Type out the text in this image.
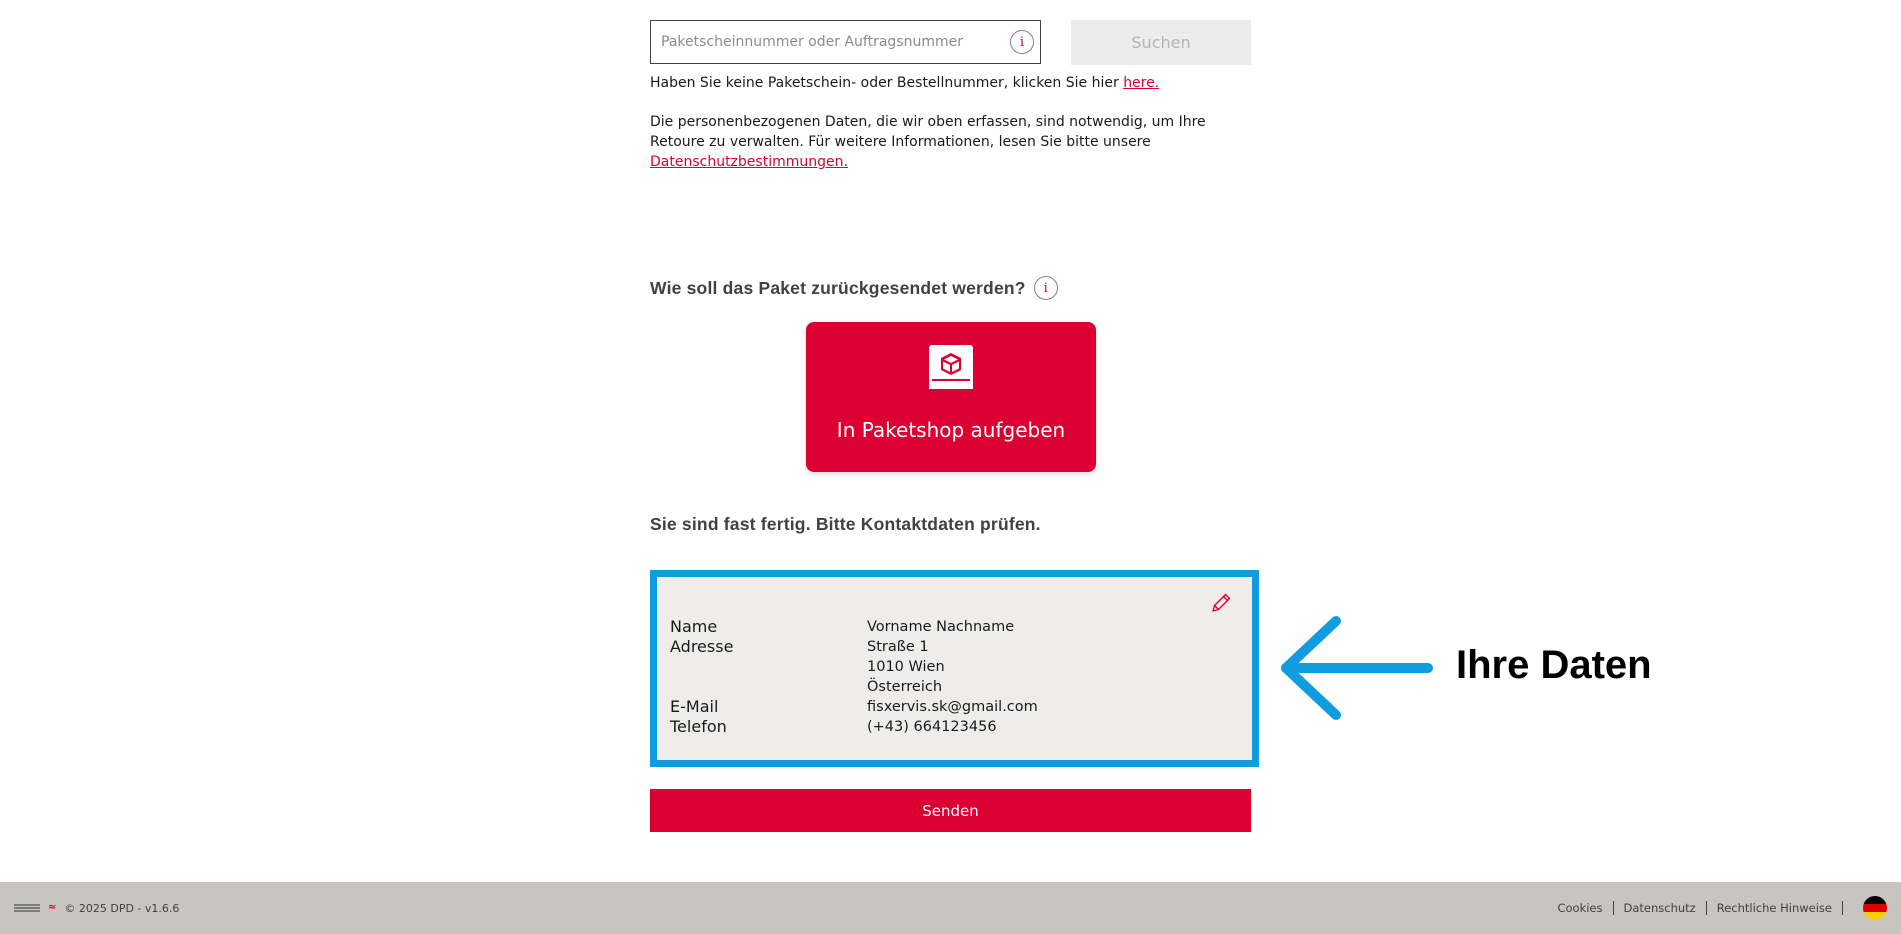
Paketscheinnummer oder Auftragsnummer
i	Suchen
Haben Sie keine Paketschein- oder Bestellnummer, klicken Sie hier here.
Die personenbezogenen Daten, die wir oben erfassen, sind notwendig, um Ihre Retoure zu verwalten. Für weitere Informationen, lesen Sie bitte unsere Datenschutzbestimmungen.
Wie soll das Paket zurückgesendet werden?	i
In Paketshop aufgeben
Sie sind fast fertig. Bitte Kontaktdaten prüfen.
Name	Vorname Nachname
Adresse	Straße 1
1010 Wien
Österreich
E-Mail	fisxervis.sk@gmail.com
Telefon	(+43) 664123456
Ihre Daten
Senden
≈ © 2025 DPD - v1.6.6	Cookies Datenschutz Rechtliche Hinweise
